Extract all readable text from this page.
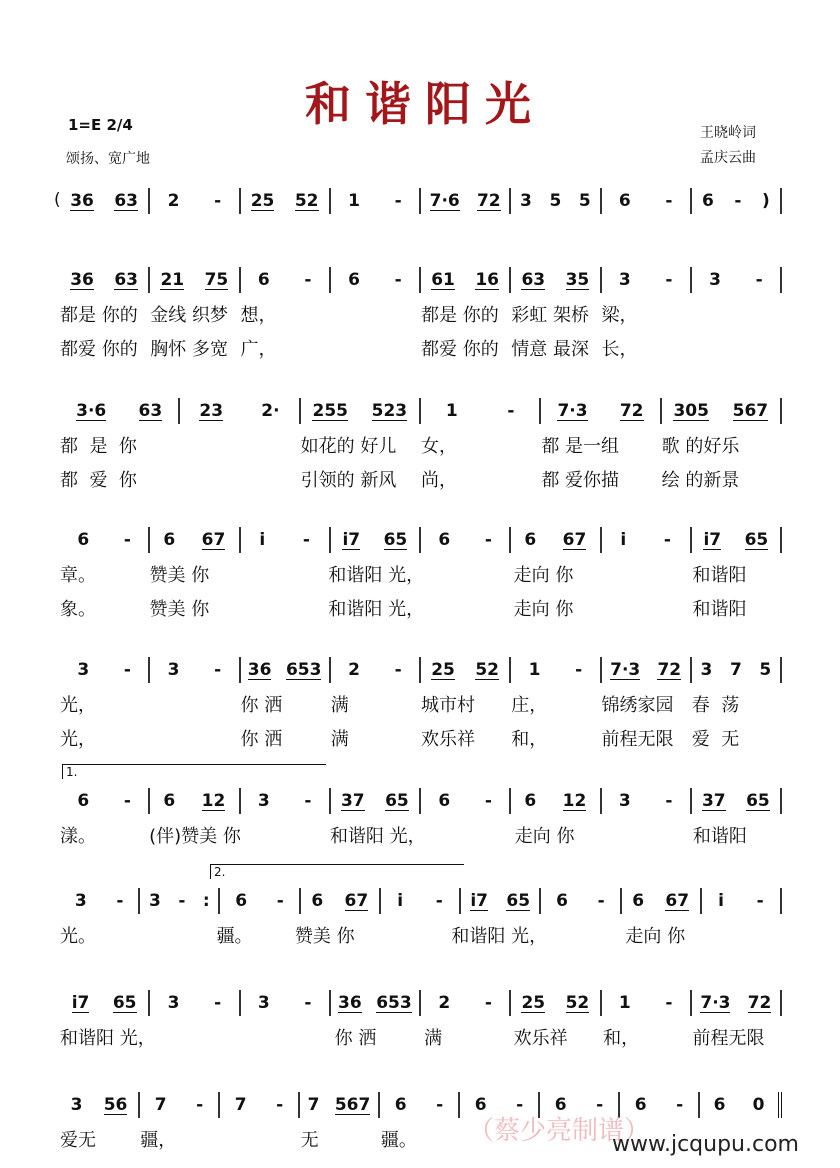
和谐阳光
1=E 2/4
颂扬、宽广地
王晓岭词
孟庆云曲
36 63 2 - 25 52 1 - 7·6 72 3 5 5 6 - 6 - )
(
36 63 21 75 6 - 6 - 61 16 63 35 3 - 3 -
都是 你的 金线 织梦 想，	都是 你的 彩虹 架桥 梁，
都爱 你的 胸怀 多宽 广，	都爱 你的 情意 最深 长，
3·6 63 23 2· 255 523 1	-	7·3 72 305 567
都  是  你	如花的 好儿	女，	都 是一组	歌 的好乐
都  爱  你	引领的 新风	尚，	都 爱你描	绘 的新景
6 - 6 67 i - i7 65 6 - 6 67 i - i7 65
章。	赞美 你	和谐阳 光，	走向 你	和谐阳
象。	赞美 你	和谐阳 光，	走向 你	和谐阳
3 - 3 - 36 653 2 - 25 52 1 - 7·3 72 3 7 5
光，	你 洒	满	城市村	庄，	锦绣家园	春  荡
光，	你 洒	满	欢乐祥	和，	前程无限	爱  无
6 - 6 12 3 - 37 65 6 - 6 12 3 - 37 65
1.
漾。	(伴)赞美 你	和谐阳 光，	走向 你	和谐阳
3 - 3 - : 6 - 6 67 i - i7 65 6 - 6 67 i -
2.
光。	疆。	赞美 你	和谐阳 光，	走向 你
i7 65 3 - 3 - 36 653 2 - 25 52 1 - 7·3 72
和谐阳 光，	你 洒	满	欢乐祥	和，	前程无限
3 56 7 - 7 - 7 567 6 - 6 - 6 - 6 - 6 0
爱无	疆，	无	疆。	（蔡少亮制谱）
www.jcqupu.com
